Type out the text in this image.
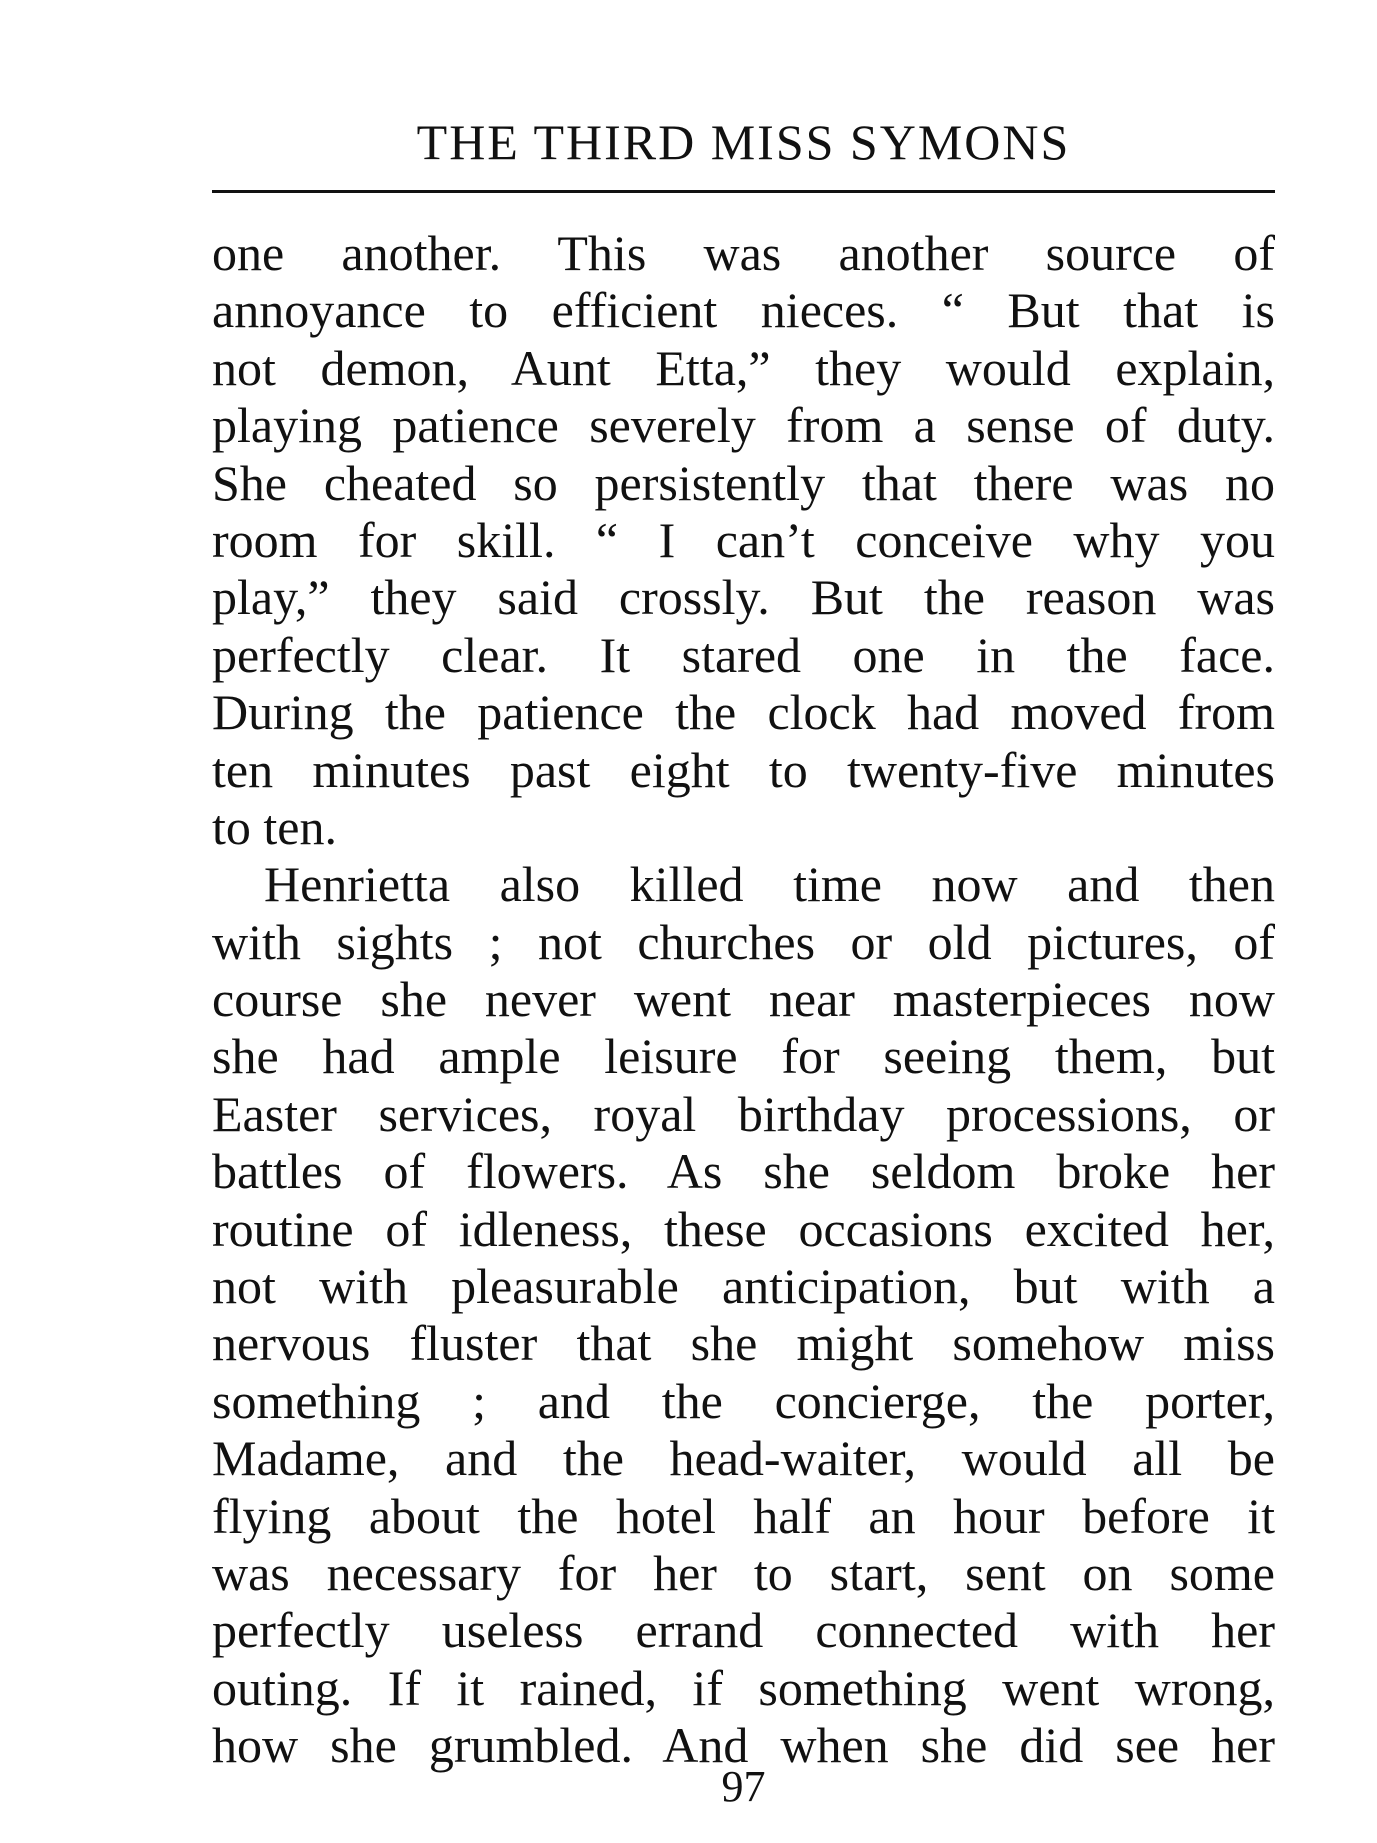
THE THIRD MISS SYMONS
one another. This was another source of
annoyance to efficient nieces. “ But that is
not demon, Aunt Etta,” they would explain,
playing patience severely from a sense of duty.
She cheated so persistently that there was no
room for skill. “ I can’t conceive why you
play,” they said crossly. But the reason was
perfectly clear. It stared one in the face.
During the patience the clock had moved from
ten minutes past eight to twenty-five minutes
to ten.
Henrietta also killed time now and then
with sights ; not churches or old pictures, of
course she never went near masterpieces now
she had ample leisure for seeing them, but
Easter services, royal birthday processions, or
battles of flowers. As she seldom broke her
routine of idleness, these occasions excited her,
not with pleasurable anticipation, but with a
nervous fluster that she might somehow miss
something ; and the concierge, the porter,
Madame, and the head-waiter, would all be
flying about the hotel half an hour before it
was necessary for her to start, sent on some
perfectly useless errand connected with her
outing. If it rained, if something went wrong,
how she grumbled. And when she did see her
97
